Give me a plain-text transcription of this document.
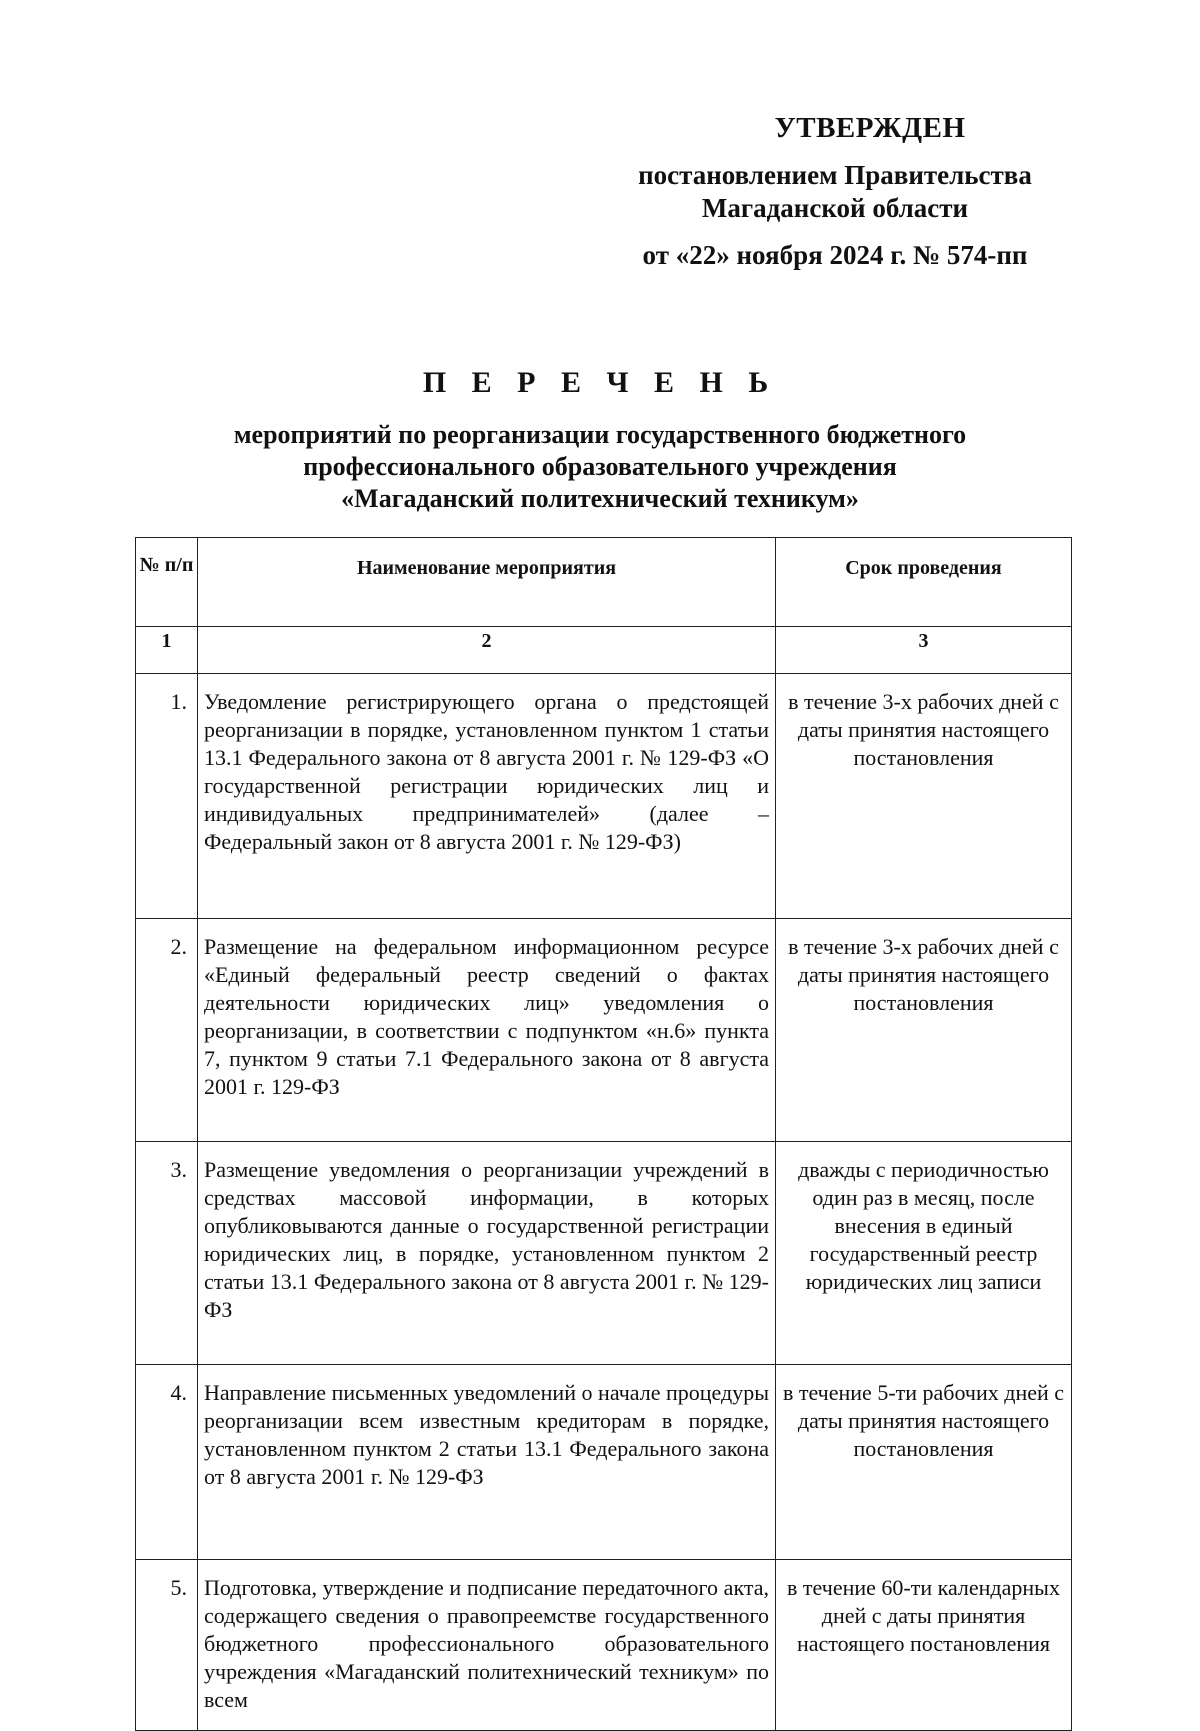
УТВЕРЖДЕН
постановлением Правительства
Магаданской области
от «22» ноября 2024 г. № 574-пп
П Е Р Е Ч Е Н Ь
мероприятий по реорганизации государственного бюджетного
профессионального образовательного учреждения
«Магаданский политехнический техникум»
№ п/п	Наименование мероприятия	Срок проведения
1	2	3
1.	Уведомление регистрирующего органа о предстоящей реорганизации в порядке, установленном пунктом 1 статьи 13.1 Федерального закона от 8 августа 2001 г. № 129-ФЗ «О государственной регистрации юридических лиц и индивидуальных предпринимателей» (далее – Федеральный закон от 8 августа 2001 г. № 129-ФЗ)	в течение 3-х рабочих дней с даты принятия настоящего постановления
2.	Размещение на федеральном информационном ресурсе «Единый федеральный реестр сведений о фактах деятельности юридических лиц» уведомления о реорганизации, в соответствии с подпунктом «н.6» пункта 7, пунктом 9 статьи 7.1 Федерального закона от 8 августа 2001 г. 129-ФЗ	в течение 3-х рабочих дней с даты принятия настоящего постановления
3.	Размещение уведомления о реорганизации учреждений в средствах массовой информации, в которых опубликовываются данные о государственной регистрации юридических лиц, в порядке, установленном пунктом 2 статьи 13.1 Федерального закона от 8 августа 2001 г. № 129-ФЗ	дважды с периодичностью один раз в месяц, после внесения в единый государственный реестр юридических лиц записи
4.	Направление письменных уведомлений о начале процедуры реорганизации всем известным кредиторам в порядке, установленном пунктом 2 статьи 13.1 Федерального закона от 8 августа 2001 г. № 129-ФЗ	в течение 5-ти рабочих дней с даты принятия настоящего постановления
5.	Подготовка, утверждение и подписание передаточного акта, содержащего сведения о правопреемстве государственного бюджетного профессионального образовательного учреждения «Магаданский политехнический техникум» по всем	в течение 60-ти календарных дней с даты принятия настоящего постановления
